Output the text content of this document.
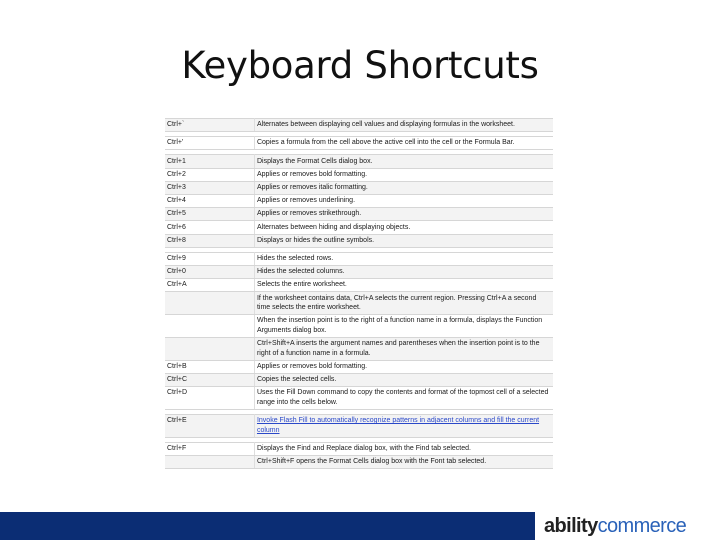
Keyboard Shortcuts
Ctrl+`	Alternates between displaying cell values and displaying formulas in the worksheet.

Ctrl+'	Copies a formula from the cell above the active cell into the cell or the Formula Bar.

Ctrl+1	Displays the Format Cells dialog box.
Ctrl+2	Applies or removes bold formatting.
Ctrl+3	Applies or removes italic formatting.
Ctrl+4	Applies or removes underlining.
Ctrl+5	Applies or removes strikethrough.
Ctrl+6	Alternates between hiding and displaying objects.
Ctrl+8	Displays or hides the outline symbols.

Ctrl+9	Hides the selected rows.
Ctrl+0	Hides the selected columns.
Ctrl+A	Selects the entire worksheet.
	If the worksheet contains data, Ctrl+A selects the current region. Pressing Ctrl+A a second time selects the entire worksheet.
	When the insertion point is to the right of a function name in a formula, displays the Function Arguments dialog box.
	Ctrl+Shift+A inserts the argument names and parentheses when the insertion point is to the right of a function name in a formula.
Ctrl+B	Applies or removes bold formatting.
Ctrl+C	Copies the selected cells.
Ctrl+D	Uses the Fill Down command to copy the contents and format of the topmost cell of a selected range into the cells below.

Ctrl+E	Invoke Flash Fill to automatically recognize patterns in adjacent columns and fill the current column

Ctrl+F	Displays the Find and Replace dialog box, with the Find tab selected.
	Ctrl+Shift+F opens the Format Cells dialog box with the Font tab selected.
abilitycommerce
